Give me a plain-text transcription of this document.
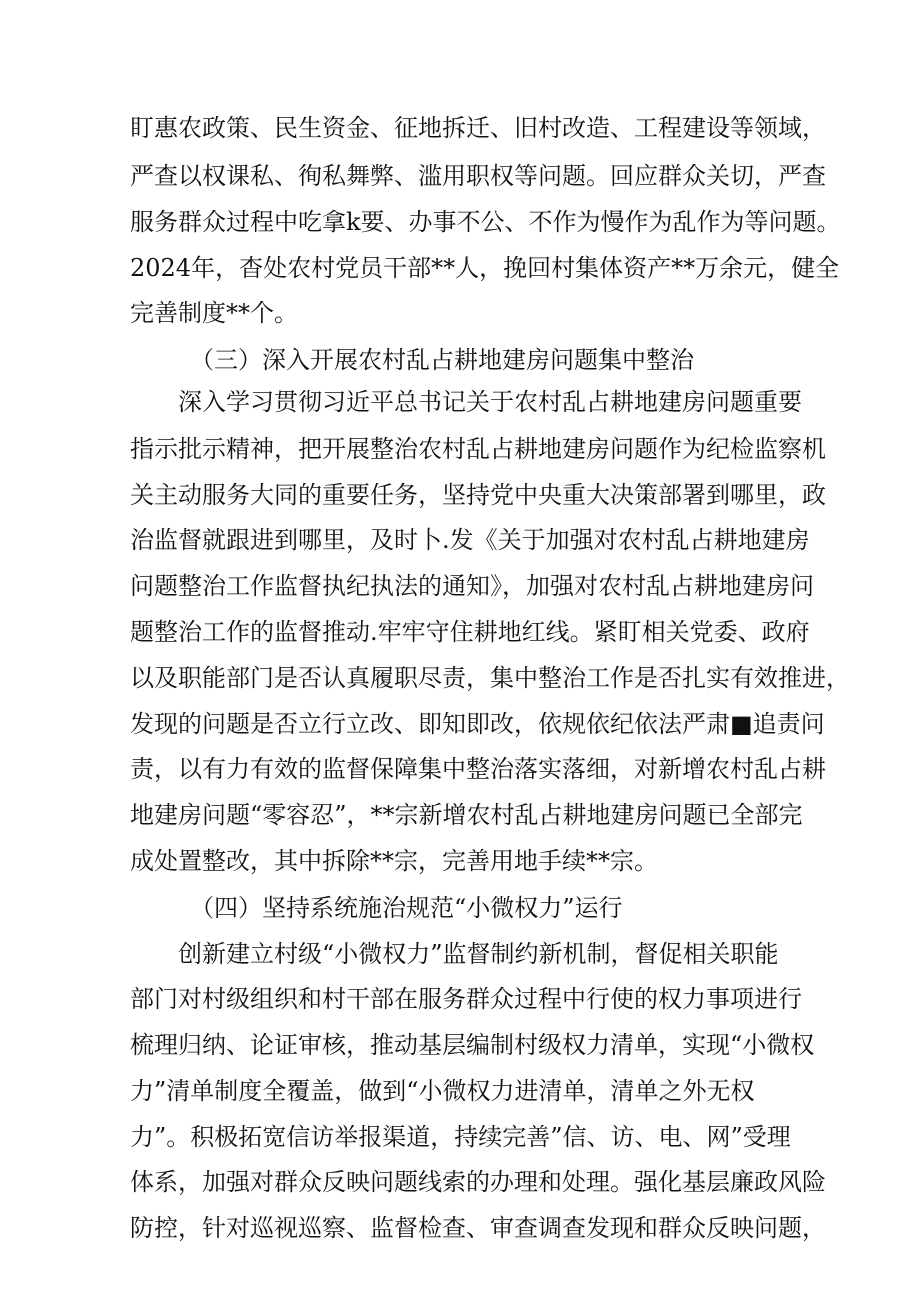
盯惠农政策、民生资金、征地拆迁、旧村改造、工程建设等领域，
严查以权课私、徇私舞弊、滥用职权等问题。回应群众关切，严查
服务群众过程中吃拿k要、办事不公、不作为慢作为乱作为等问题。
2024年，杳处农村党员干部**人，挽回村集体资产**万余元，健全
完善制度**个。
（三）深入开展农村乱占耕地建房问题集中整治
深入学习贯彻习近平总书记关于农村乱占耕地建房问题重要
指示批示精神，把开展整治农村乱占耕地建房问题作为纪检监察机
关主动服务大同的重要任务，坚持党中央重大决策部署到哪里，政
治监督就跟进到哪里，及时卜.发《关于加强对农村乱占耕地建房
问题整治工作监督执纪执法的通知》，加强对农村乱占耕地建房问
题整治工作的监督推动.牢牢守住耕地红线。紧盯相关党委、政府
以及职能部门是否认真履职尽责，集中整治工作是否扎实有效推进，
发现的问题是否立行立改、即知即改，依规依纪依法严肃■追责问
责，以有力有效的监督保障集中整治落实落细，对新增农村乱占耕
地建房问题“零容忍”，**宗新增农村乱占耕地建房问题已全部完
成处置整改，其中拆除**宗，完善用地手续**宗。
（四）坚持系统施治规范“小微权力”运行
创新建立村级“小微权力”监督制约新机制，督促相关职能
部门对村级组织和村干部在服务群众过程中行使的权力事项进行
梳理归纳、论证审核，推动基层编制村级权力清单，实现“小微权
力”清单制度全覆盖，做到“小微权力进清单，清单之外无权
力”。积极拓宽信访举报渠道，持续完善”信、访、电、网”受理
体系，加强对群众反映问题线索的办理和处理。强化基层廉政风险
防控，针对巡视巡察、监督检查、审查调查发现和群众反映问题，
